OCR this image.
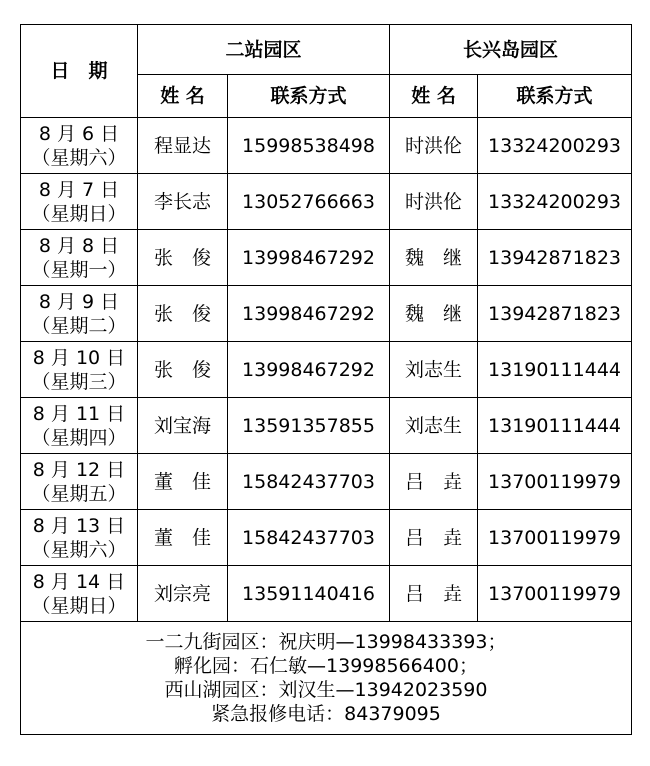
日　期	二站园区		长兴岛园区	
	姓 名	联系方式	姓 名	联系方式

8 月 6 日
（星期六）	程显达	15998538498	时洪伦	13324200293

8 月 7 日
（星期日）	李长志	13052766663	时洪伦	13324200293

8 月 8 日
（星期一）	张　俊	13998467292	魏　继	13942871823

8 月 9 日
（星期二）	张　俊	13998467292	魏　继	13942871823

8 月 10 日
（星期三）	张　俊	13998467292	刘志生	13190111444

8 月 11 日
（星期四）	刘宝海	13591357855	刘志生	13190111444

8 月 12 日
（星期五）	董　佳	15842437703	吕　垚	13700119979

8 月 13 日
（星期六）	董　佳	15842437703	吕　垚	13700119979

8 月 14 日
（星期日）	刘宗亮	13591140416	吕　垚	13700119979

一二九街园区：祝庆明—13998433393；
孵化园：石仁敏—13998566400；
西山湖园区：刘汉生—13942023590
紧急报修电话：84379095				
